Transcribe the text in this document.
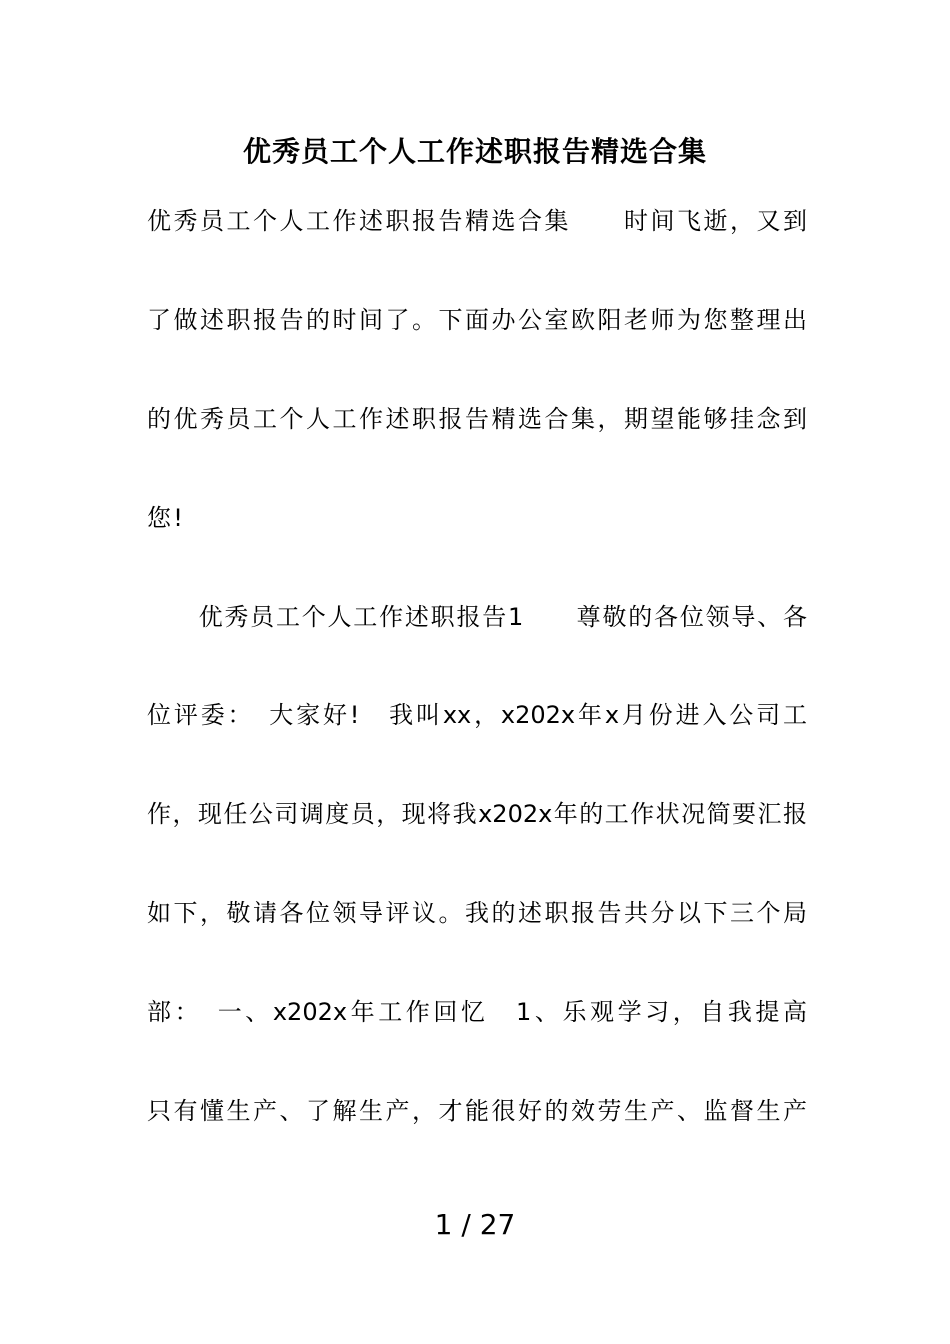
优秀员工个人工作述职报告精选合集
优秀员工个人工作述职报告精选合集　　时间飞逝，又到
了做述职报告的时间了。下面办公室欧阳老师为您整理出
的优秀员工个人工作述职报告精选合集，期望能够挂念到
您!
　　优秀员工个人工作述职报告1　　尊敬的各位领导、各
位评委：　大家好!　我叫xx，x202x年x月份进入公司工
作，现任公司调度员，现将我x202x年的工作状况简要汇报
如下，敬请各位领导评议。我的述职报告共分以下三个局
部：　一、x202x年工作回忆　1、乐观学习，自我提高
只有懂生产、了解生产，才能很好的效劳生产、监督生产
1 / 27
